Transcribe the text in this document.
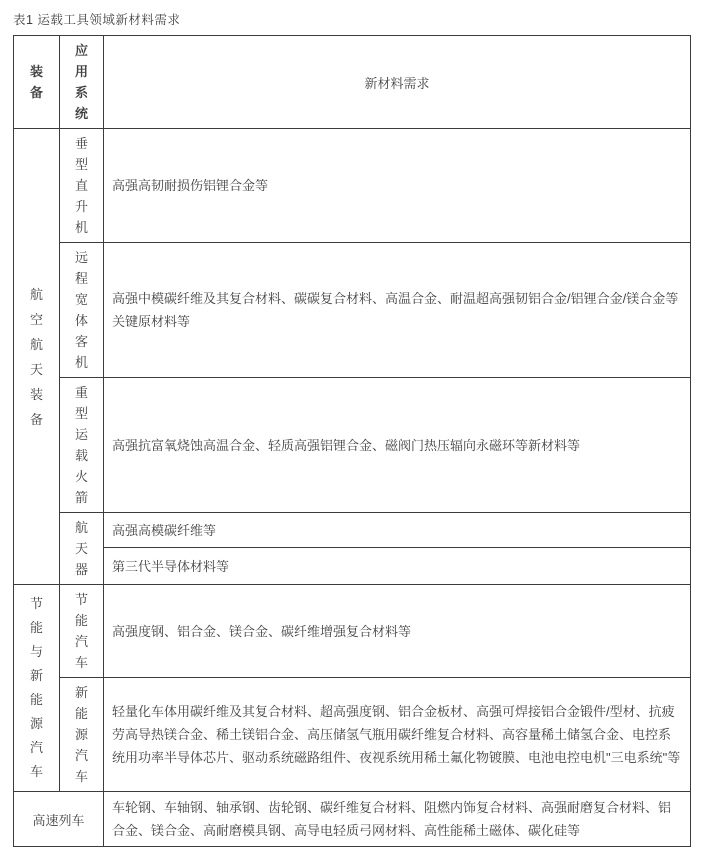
表1 运载工具领域新材料需求
装备	应用系统	新材料需求
航空航天装备	垂型直升机	高强高韧耐损伤铝锂合金等
	远程宽体客机	高强中模碳纤维及其复合材料、碳碳复合材料、高温合金、耐温超高强韧铝合金/铝锂合金/镁合金等关键原材料等
	重型运载火箭	高强抗富氧烧蚀高温合金、轻质高强铝锂合金、磁阀门热压辐向永磁环等新材料等
	航天器	高强高模碳纤维等
		第三代半导体材料等
节能与新能源汽车	节能汽车	高强度钢、铝合金、镁合金、碳纤维增强复合材料等
	新能源汽车	轻量化车体用碳纤维及其复合材料、超高强度钢、铝合金板材、高强可焊接铝合金锻件/型材、抗疲劳高导热镁合金、稀土镁铝合金、高压储氢气瓶用碳纤维复合材料、高容量稀土储氢合金、电控系统用功率半导体芯片、驱动系统磁路组件、夜视系统用稀土氟化物镀膜、电池电控电机"三电系统"等
高速列车		车轮钢、车轴钢、轴承钢、齿轮钢、碳纤维复合材料、阻燃内饰复合材料、高强耐磨复合材料、铝合金、镁合金、高耐磨模具钢、高导电轻质弓网材料、高性能稀土磁体、碳化硅等
